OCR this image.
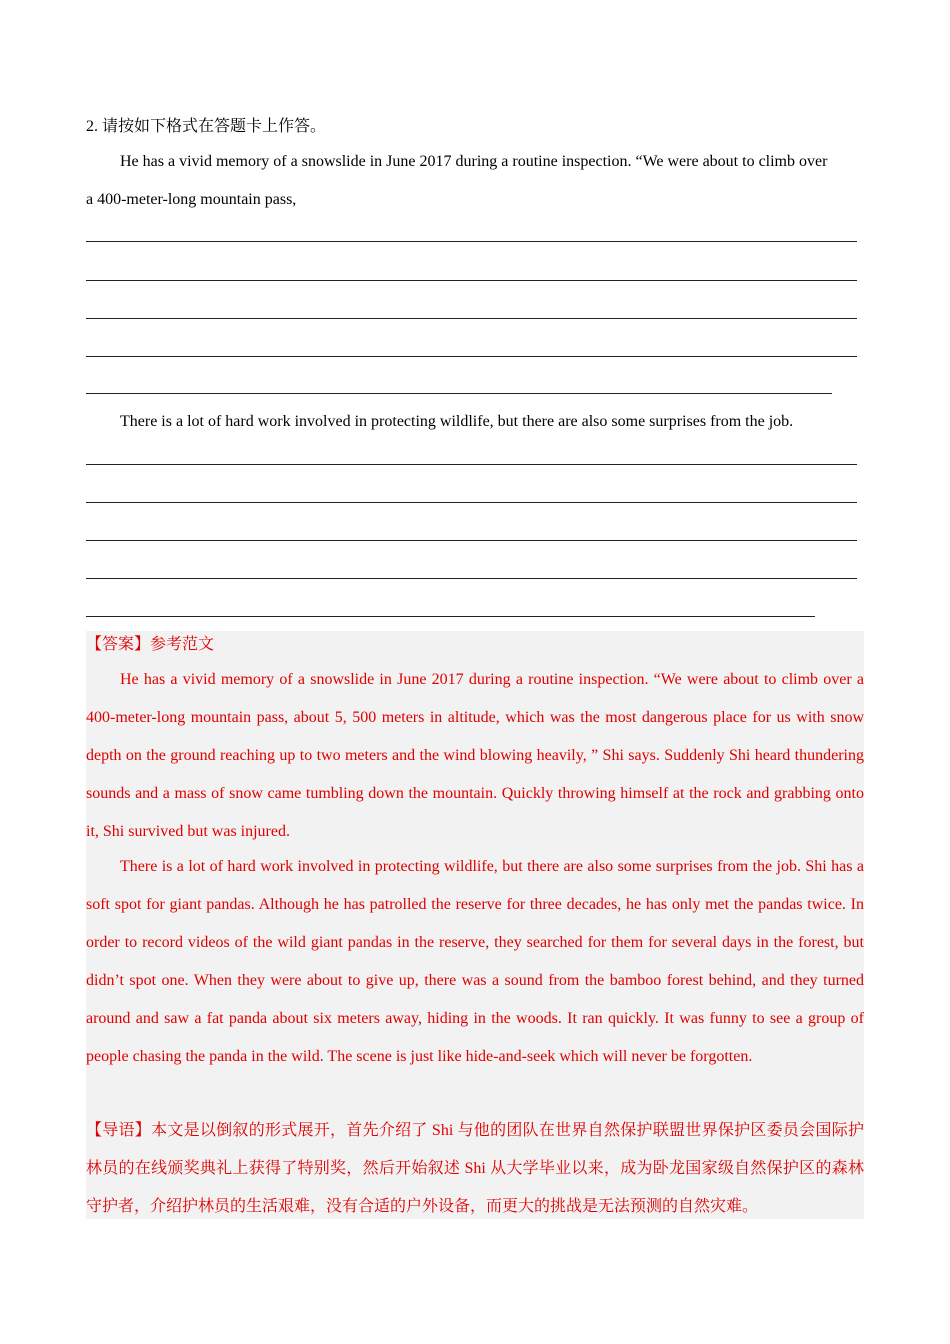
2. 请按如下格式在答题卡上作答。
He has a vivid memory of a snowslide in June 2017 during a routine inspection. “We were about to climb over
a 400-meter-long mountain pass,
There is a lot of hard work involved in protecting wildlife, but there are also some surprises from the job.
【答案】参考范文
He has a vivid memory of a snowslide in June 2017 during a routine inspection. “We were about to climb over a 400-meter-long mountain pass, about 5, 500 meters in altitude, which was the most dangerous place for us with snow depth on the ground reaching up to two meters and the wind blowing heavily, ” Shi says. Suddenly Shi heard thundering sounds and a mass of snow came tumbling down the mountain. Quickly throwing himself at the rock and grabbing onto it, Shi survived but was injured.
There is a lot of hard work involved in protecting wildlife, but there are also some surprises from the job. Shi has a soft spot for giant pandas. Although he has patrolled the reserve for three decades, he has only met the pandas twice. In order to record videos of the wild giant pandas in the reserve, they searched for them for several days in the forest, but didn’t spot one. When they were about to give up, there was a sound from the bamboo forest behind, and they turned around and saw a fat panda about six meters away, hiding in the woods. It ran quickly. It was funny to see a group of people chasing the panda in the wild. The scene is just like hide-and-seek which will never be forgotten.
【导语】本文是以倒叙的形式展开，首先介绍了 Shi 与他的团队在世界自然保护联盟世界保护区委员会国际护林员的在线颁奖典礼上获得了特别奖，然后开始叙述 Shi 从大学毕业以来，成为卧龙国家级自然保护区的森林守护者，介绍护林员的生活艰难，没有合适的户外设备，而更大的挑战是无法预测的自然灾难。
